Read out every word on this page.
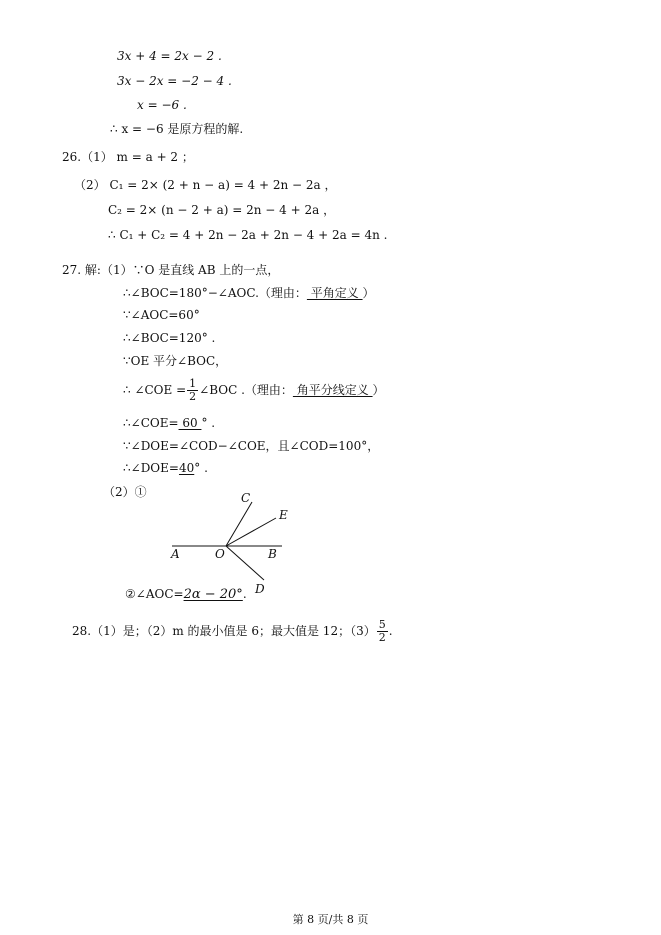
3x + 4 = 2x − 2 .
3x − 2x = −2 − 4 .
x = −6 .
∴ x = −6 是原方程的解.
26.（1） m = a + 2 ；
（2） C₁ = 2× (2 + n − a) = 4 + 2n − 2a ，
C₂ = 2× (n − 2 + a) = 2n − 4 + 2a ，
∴ C₁ + C₂ = 4 + 2n − 2a + 2n − 4 + 2a = 4n .
27. 解:（1）∵O 是直线 AB 上的一点，
∴∠BOC=180°−∠AOC.（理由： 平角定义 ）
∵∠AOC=60°
∴∠BOC=120° .
∵OE 平分∠BOC，
∴ ∠COE = $\frac{1}{2}$ ∠BOC .（理由： 角平分线定义 ）
∴∠COE= 60 ° .
∵∠DOE=∠COD−∠COE，且∠COD=100°，
∴∠DOE=40° .
（2）①
A	O	B
C
E
D
②∠AOC=2α − 20°.
28.（1）是；（2）m 的最小值是 6；最大值是 12；$(3) \frac{5}{2}$ .
第 8 页/共 8 页
